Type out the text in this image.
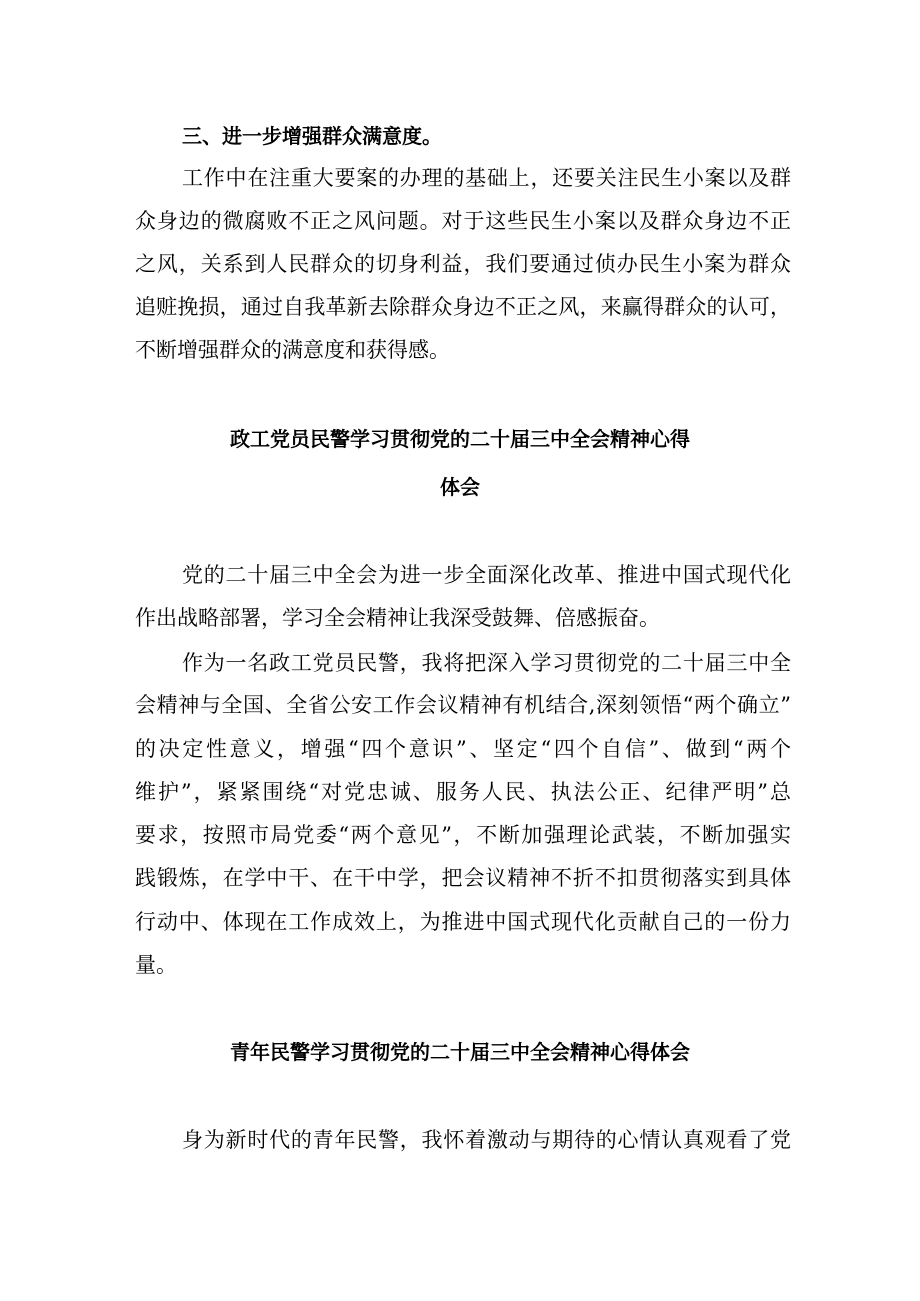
三、进一步增强群众满意度。
工作中在注重大要案的办理的基础上，还要关注民生小案以及群
众身边的微腐败不正之风问题。对于这些民生小案以及群众身边不正
之风，关系到人民群众的切身利益，我们要通过侦办民生小案为群众
追赃挽损，通过自我革新去除群众身边不正之风，来赢得群众的认可，
不断增强群众的满意度和获得感。
政工党员民警学习贯彻党的二十届三中全会精神心得
体会
党的二十届三中全会为进一步全面深化改革、推进中国式现代化
作出战略部署，学习全会精神让我深受鼓舞、倍感振奋。
作为一名政工党员民警，我将把深入学习贯彻党的二十届三中全
会精神与全国、全省公安工作会议精神有机结合,深刻领悟“两个确立”
的决定性意义，增强“四个意识”、坚定“四个自信”、做到“两个
维护”，紧紧围绕“对党忠诚、服务人民、执法公正、纪律严明”总
要求，按照市局党委“两个意见”，不断加强理论武装，不断加强实
践锻炼，在学中干、在干中学，把会议精神不折不扣贯彻落实到具体
行动中、体现在工作成效上，为推进中国式现代化贡献自己的一份力
量。
青年民警学习贯彻党的二十届三中全会精神心得体会
身为新时代的青年民警，我怀着激动与期待的心情认真观看了党
